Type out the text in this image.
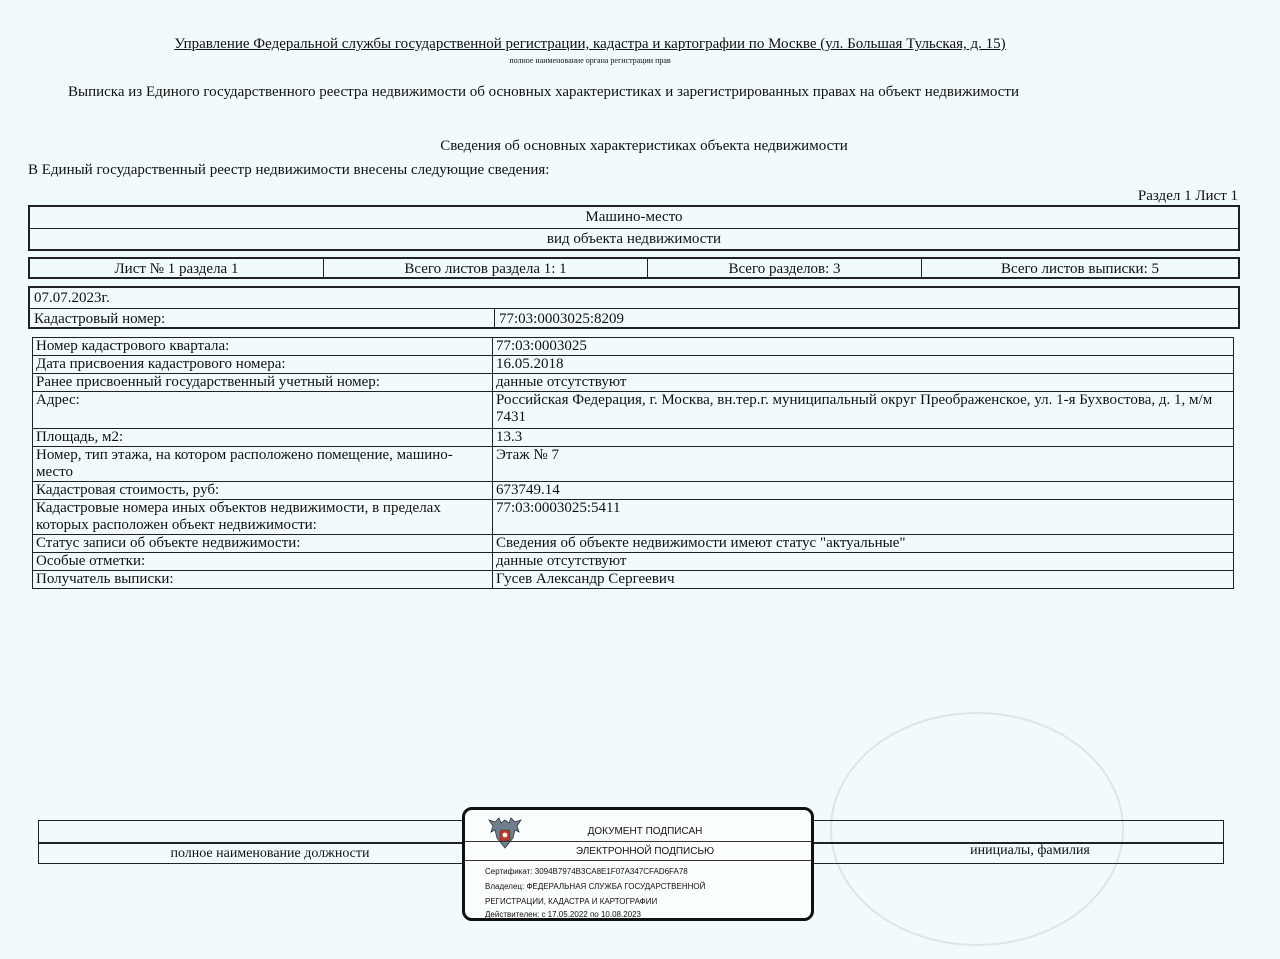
Управление Федеральной службы государственной регистрации, кадастра и картографии по Москве (ул. Большая Тульская, д. 15)
полное наименование органа регистрации прав
Выписка из Единого государственного реестра недвижимости об основных характеристиках и зарегистрированных правах на объект недвижимости
Сведения об основных характеристиках объекта недвижимости
В Единый государственный реестр недвижимости внесены следующие сведения:
Раздел 1 Лист 1
Машино-место
вид объекта недвижимости
Лист № 1 раздела 1	Всего листов раздела 1: 1	Всего разделов: 3	Всего листов выписки: 5
07.07.2023г.
Кадастровый номер:	77:03:0003025:8209
Номер кадастрового квартала:	77:03:0003025
Дата присвоения кадастрового номера:	16.05.2018
Ранее присвоенный государственный учетный номер:	данные отсутствуют
Адрес:	Российская Федерация, г. Москва, вн.тер.г. муниципальный округ Преображенское, ул. 1-я Бухвостова, д. 1, м/м 7431
Площадь, м2:	13.3
Номер, тип этажа, на котором расположено помещение, машино-место	Этаж № 7
Кадастровая стоимость, руб:	673749.14
Кадастровые номера иных объектов недвижимости, в пределах которых расположен объект недвижимости:	77:03:0003025:5411
Статус записи об объекте недвижимости:	Сведения об объекте недвижимости имеют статус "актуальные"
Особые отметки:	данные отсутствуют
Получатель выписки:	Гусев Александр Сергеевич
полное наименование должности	инициалы, фамилия
ДОКУМЕНТ ПОДПИСАН
ЭЛЕКТРОННОЙ ПОДПИСЬЮ
Сертификат: 3094B7974B3CA8E1F07A347CFAD6FA78
Владелец: ФЕДЕРАЛЬНАЯ СЛУЖБА ГОСУДАРСТВЕННОЙ
РЕГИСТРАЦИИ, КАДАСТРА И КАРТОГРАФИИ
Действителен: с 17.05.2022 по 10.08.2023
